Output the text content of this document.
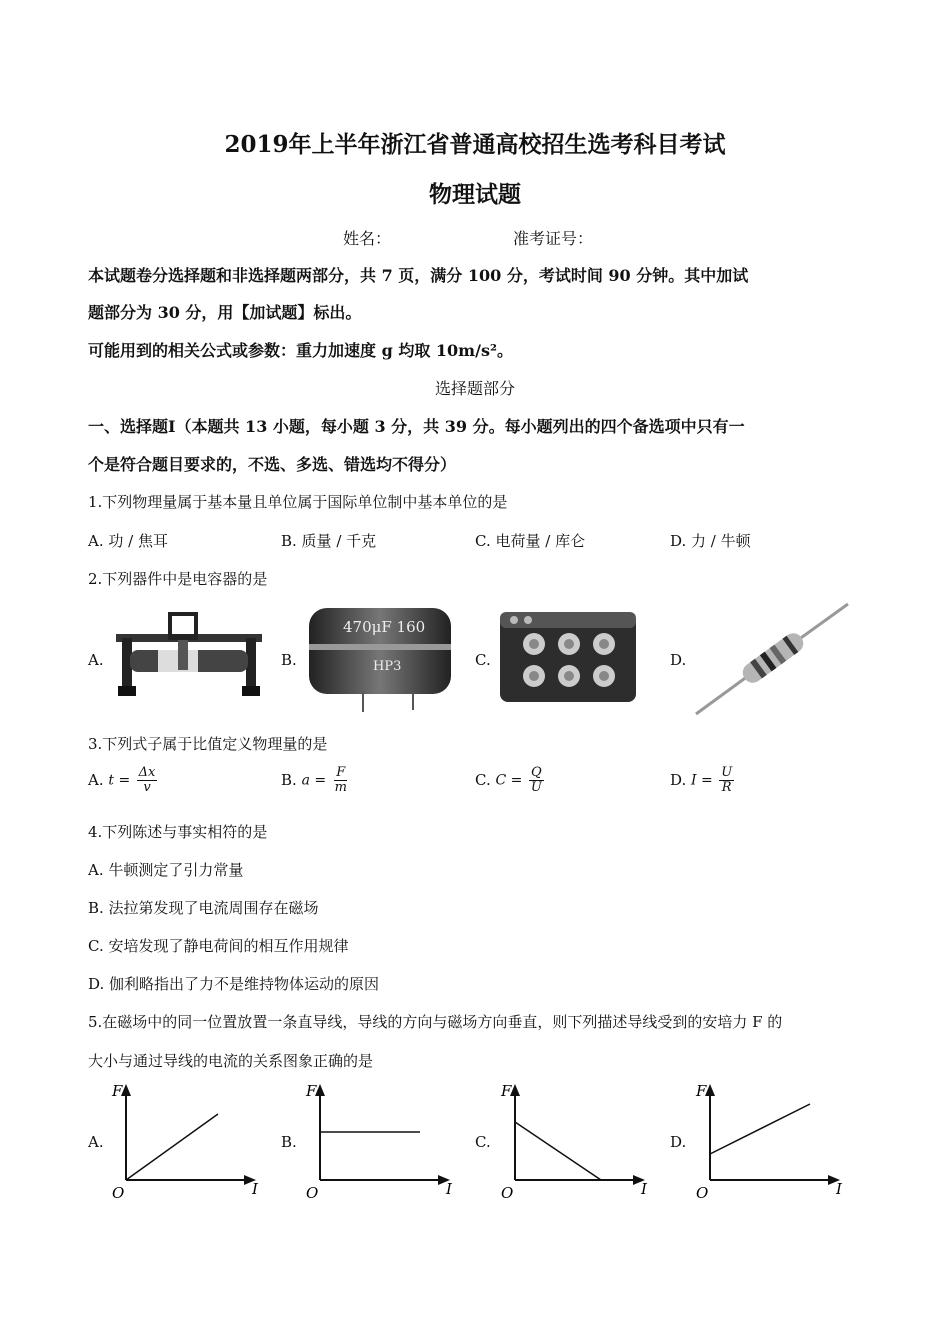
2019年上半年浙江省普通高校招生选考科目考试
物理试题
姓名：	准考证号：
本试题卷分选择题和非选择题两部分，共 7 页，满分 100 分，考试时间 90 分钟。其中加试
题部分为 30 分，用【加试题】标出。
可能用到的相关公式或参数：重力加速度 g 均取 10m/s²。
选择题部分
一、选择题Ⅰ（本题共 13 小题，每小题 3 分，共 39 分。每小题列出的四个备选项中只有一
个是符合题目要求的，不选、多选、错选均不得分）
1.下列物理量属于基本量且单位属于国际单位制中基本单位的是
A. 功 / 焦耳	B. 质量 / 千克	C. 电荷量 / 库仑	D. 力 / 牛顿
2.下列器件中是电容器的是
A.	B.	C.	D.
470μF 160
HP3
3.下列式子属于比值定义物理量的是
A. $t = \frac{\Delta x}{v}$	B. $a = \frac{F}{m}$	C. $C = \frac{Q}{U}$	D. $I = \frac{U}{R}$
4.下列陈述与事实相符的是
A. 牛顿测定了引力常量
B. 法拉第发现了电流周围存在磁场
C. 安培发现了静电荷间的相互作用规律
D. 伽利略指出了力不是维持物体运动的原因
5.在磁场中的同一位置放置一条直导线，导线的方向与磁场方向垂直，则下列描述导线受到的安培力 F 的
大小与通过导线的电流的关系图象正确的是
A.	B.	C.	D.
F
I
O
F
I
O
F
I
O
F
I
O
